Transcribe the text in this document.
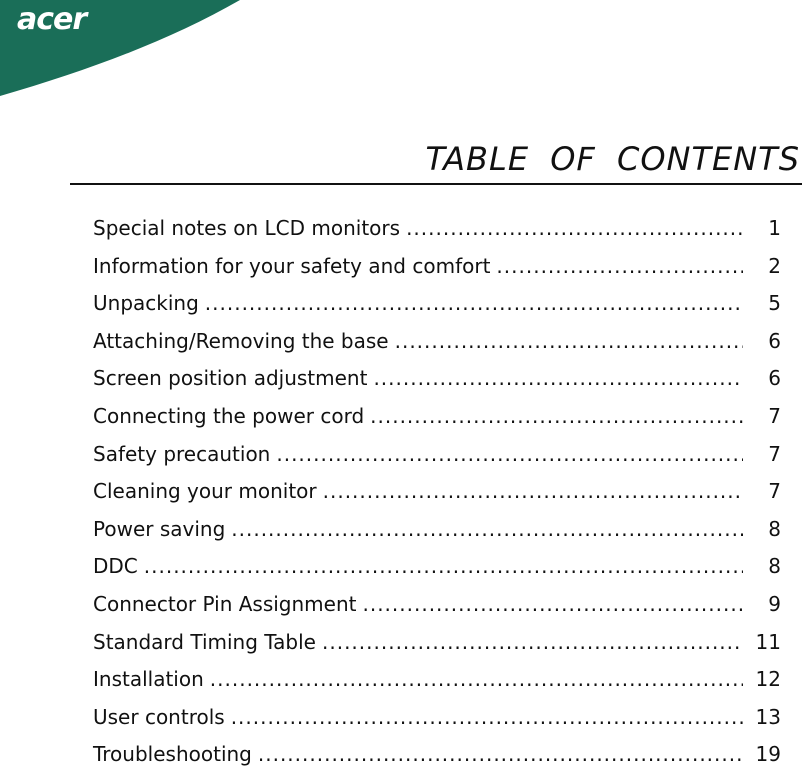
acer
TABLE OF CONTENTS
Special notes on LCD monitors .....	1
Information for your safety and comfort .....	2
Unpacking .....	5
Attaching/Removing the base .....	6
Screen position adjustment .....	6
Connecting the power cord .....	7
Safety precaution .....	7
Cleaning your monitor .....	7
Power saving .....	8
DDC .....	8
Connector Pin Assignment .....	9
Standard Timing Table .....	11
Installation .....	12
User controls .....	13
Troubleshooting .....	19
